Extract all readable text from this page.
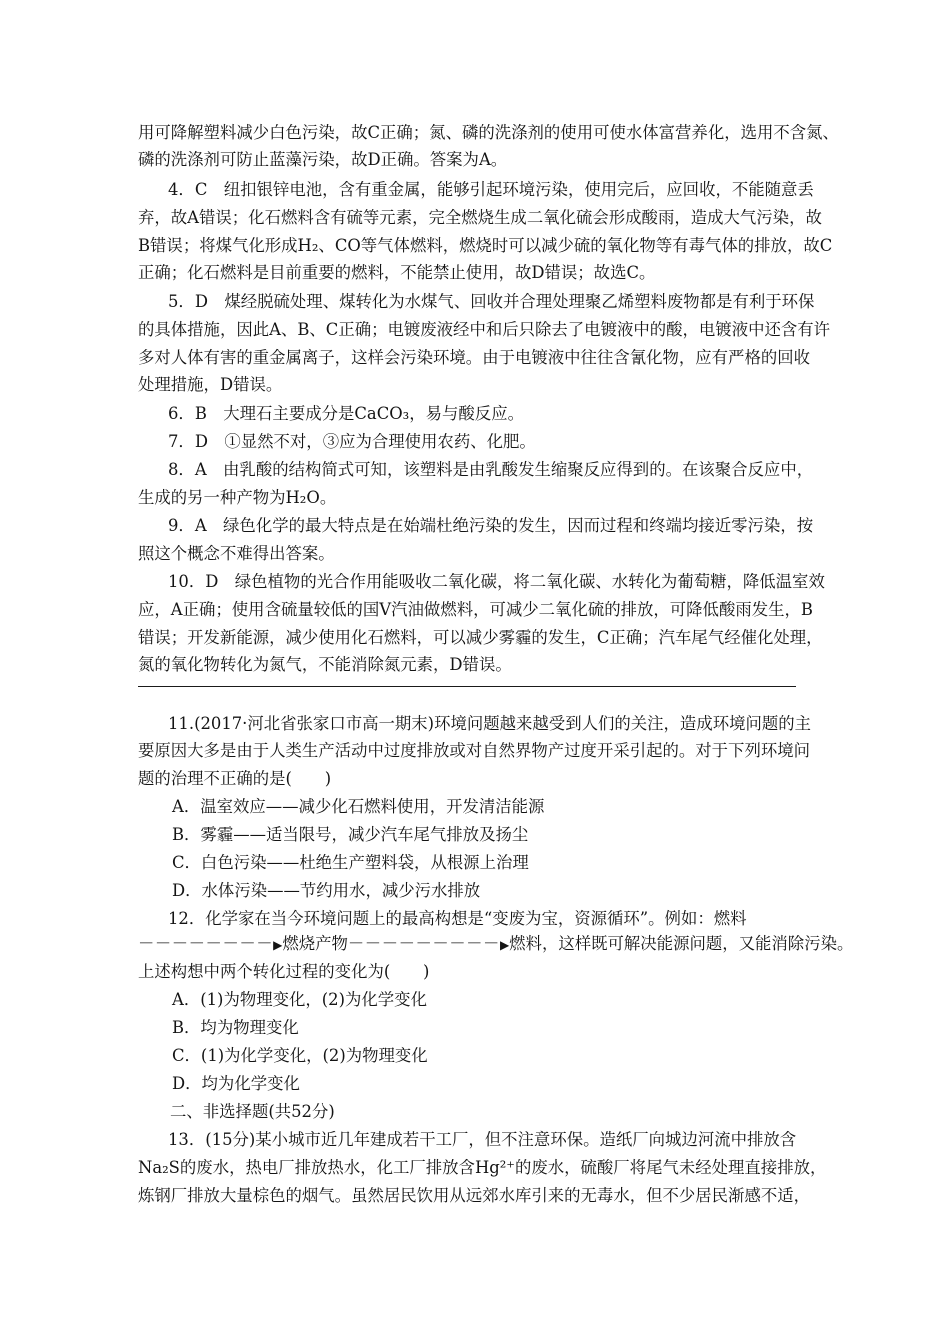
用可降解塑料减少白色污染，故C正确；氮、磷的洗涤剂的使用可使水体富营养化，选用不含氮、
磷的洗涤剂可防止蓝藻污染，故D正确。答案为A。
4．C　纽扣银锌电池，含有重金属，能够引起环境污染，使用完后，应回收，不能随意丢
弃，故A错误；化石燃料含有硫等元素，完全燃烧生成二氧化硫会形成酸雨，造成大气污染，故
B错误；将煤气化形成H₂、CO等气体燃料，燃烧时可以减少硫的氧化物等有毒气体的排放，故C
正确；化石燃料是目前重要的燃料，不能禁止使用，故D错误；故选C。
5．D　煤经脱硫处理、煤转化为水煤气、回收并合理处理聚乙烯塑料废物都是有利于环保
的具体措施，因此A、B、C正确；电镀废液经中和后只除去了电镀液中的酸，电镀液中还含有许
多对人体有害的重金属离子，这样会污染环境。由于电镀液中往往含氰化物，应有严格的回收
处理措施，D错误。
6．B　大理石主要成分是CaCO₃，易与酸反应。
7．D　①显然不对，③应为合理使用农药、化肥。
8．A　由乳酸的结构简式可知，该塑料是由乳酸发生缩聚反应得到的。在该聚合反应中，
生成的另一种产物为H₂O。
9．A　绿色化学的最大特点是在始端杜绝污染的发生，因而过程和终端均接近零污染，按
照这个概念不难得出答案。
10．D　绿色植物的光合作用能吸收二氧化碳，将二氧化碳、水转化为葡萄糖，降低温室效
应，A正确；使用含硫量较低的国Ⅴ汽油做燃料，可减少二氧化硫的排放，可降低酸雨发生，B
错误；开发新能源，减少使用化石燃料，可以减少雾霾的发生，C正确；汽车尾气经催化处理，
氮的氧化物转化为氮气，不能消除氮元素，D错误。
11.(2017·河北省张家口市高一期末)环境问题越来越受到人们的关注，造成环境问题的主
要原因大多是由于人类生产活动中过度排放或对自然界物产过度开采引起的。对于下列环境问
题的治理不正确的是(　　)
A．温室效应——减少化石燃料使用，开发清洁能源
B．雾霾——适当限号，减少汽车尾气排放及扬尘
C．白色污染——杜绝生产塑料袋，从根源上治理
D．水体污染——节约用水，减少污水排放
12．化学家在当今环境问题上的最高构想是“变废为宝，资源循环”。例如：燃料
－－－－－－－－▶燃烧产物－－－－－－－－－▶燃料，这样既可解决能源问题，又能消除污染。
上述构想中两个转化过程的变化为(　　)
A．(1)为物理变化，(2)为化学变化
B．均为物理变化
C．(1)为化学变化，(2)为物理变化
D．均为化学变化
二、非选择题(共52分)
13．(15分)某小城市近几年建成若干工厂，但不注意环保。造纸厂向城边河流中排放含
Na₂S的废水，热电厂排放热水，化工厂排放含Hg²⁺的废水，硫酸厂将尾气未经处理直接排放，
炼钢厂排放大量棕色的烟气。虽然居民饮用从远郊水库引来的无毒水，但不少居民渐感不适，
